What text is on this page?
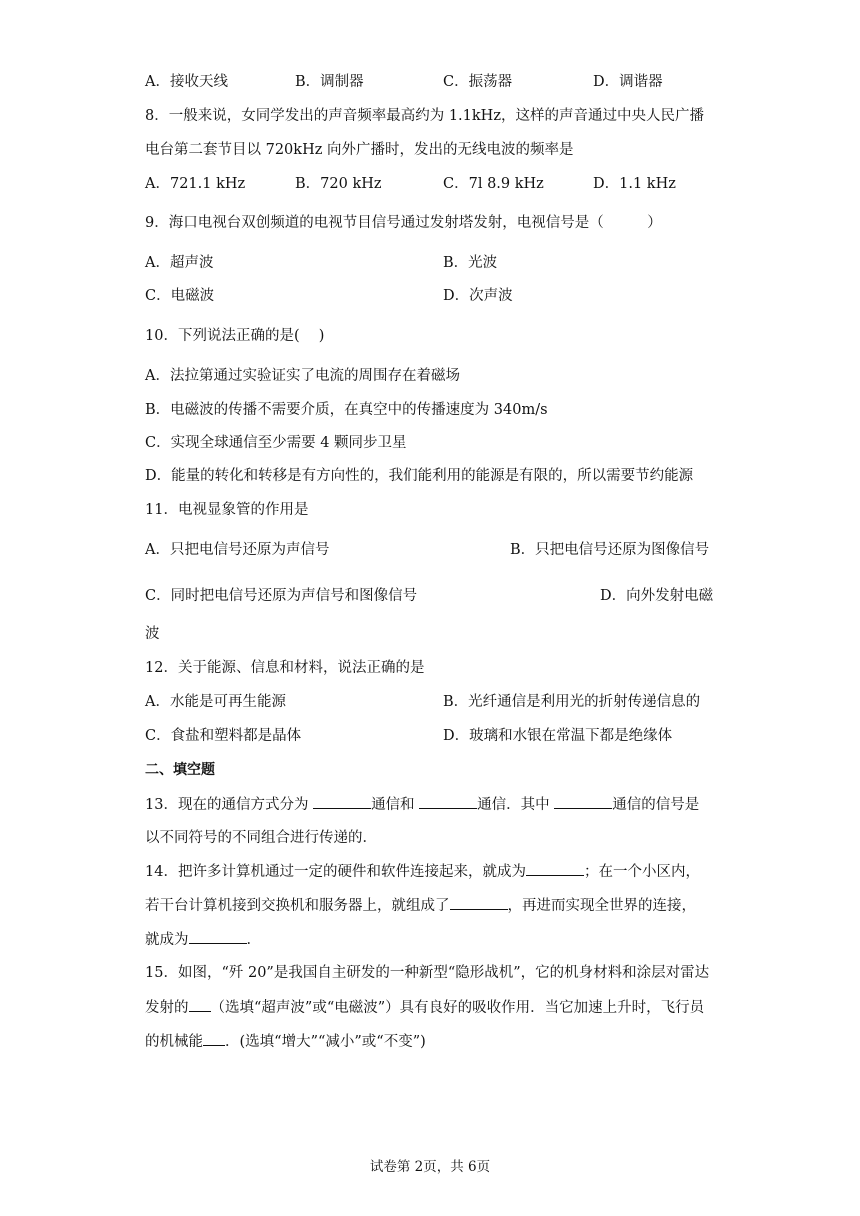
A．接收天线	B．调制器	C．振荡器	D．调谐器
8．一般来说，女同学发出的声音频率最高约为 1.1kHz，这样的声音通过中央人民广播
电台第二套节目以 720kHz 向外广播时，发出的无线电波的频率是
A．721.1 kHz	B．720 kHz	C．7l 8.9 kHz	D．1.1 kHz
9．海口电视台双创频道的电视节目信号通过发射塔发射，电视信号是（　　　）
A．超声波	B．光波
C．电磁波	D．次声波
10．下列说法正确的是(　 )
A．法拉第通过实验证实了电流的周围存在着磁场
B．电磁波的传播不需要介质，在真空中的传播速度为 340m/s
C．实现全球通信至少需要 4 颗同步卫星
D．能量的转化和转移是有方向性的，我们能利用的能源是有限的，所以需要节约能源
11．电视显象管的作用是
A．只把电信号还原为声信号	B．只把电信号还原为图像信号
C．同时把电信号还原为声信号和图像信号	D．向外发射电磁
波
12．关于能源、信息和材料，说法正确的是
A．水能是可再生能源	B．光纤通信是利用光的折射传递信息的
C．食盐和塑料都是晶体	D．玻璃和水银在常温下都是绝缘体
二、填空题
13．现在的通信方式分为	通信和	通信．其中	通信的信号是
以不同符号的不同组合进行传递的．
14．把许多计算机通过一定的硬件和软件连接起来，就成为	；在一个小区内，
若干台计算机接到交换机和服务器上，就组成了	，再进而实现全世界的连接，
就成为	．
15．如图，“歼 20”是我国自主研发的一种新型“隐形战机”，它的机身材料和涂层对雷达
发射的 （选填“超声波”或“电磁波”）具有良好的吸收作用．当它加速上升时，飞行员
的机械能 ．(选填“增大”“减小”或“不变”)
试卷第 2页，共 6页
